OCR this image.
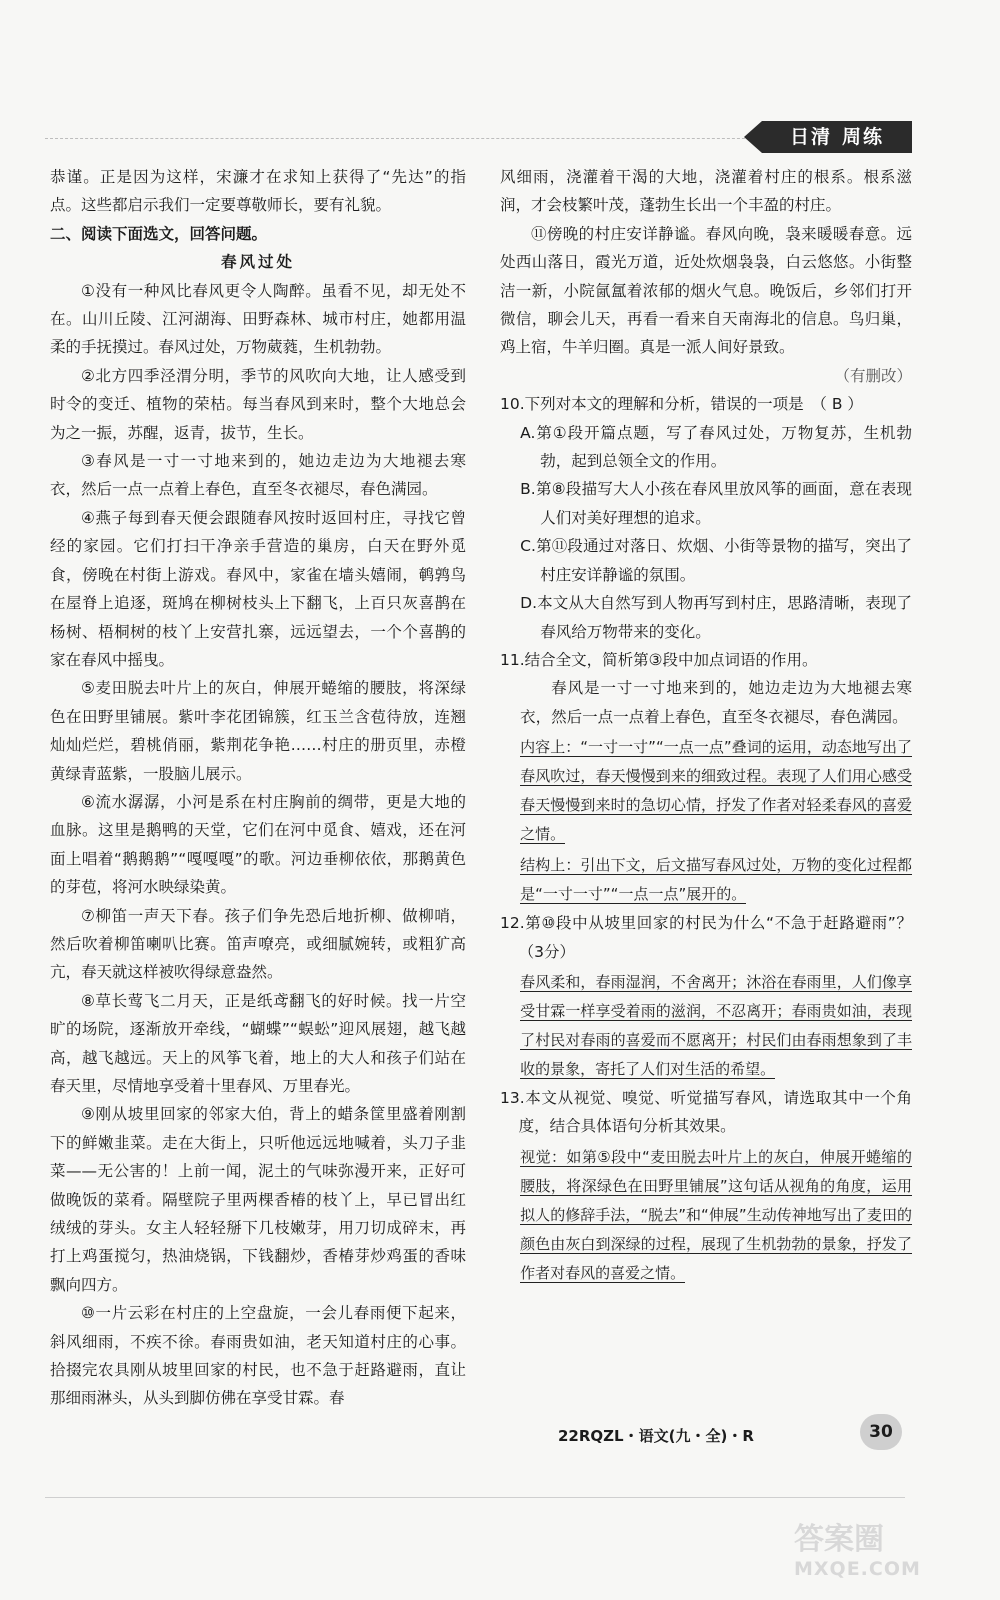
日清 周练

恭谨。正是因为这样，宋濂才在求知上获得了“先达”的指点。这些都启示我们一定要尊敬师长，要有礼貌。

二、阅读下面选文，回答问题。

春风过处

①没有一种风比春风更令人陶醉。虽看不见，却无处不在。山川丘陵、江河湖海、田野森林、城市村庄，她都用温柔的手抚摸过。春风过处，万物葳蕤，生机勃勃。

②北方四季泾渭分明，季节的风吹向大地，让人感受到时令的变迁、植物的荣枯。每当春风到来时，整个大地总会为之一振，苏醒，返青，拔节，生长。

③春风是一寸一寸地来到的，她边走边为大地褪去寒衣，然后一点一点着上春色，直至冬衣褪尽，春色满园。

④燕子每到春天便会跟随春风按时返回村庄，寻找它曾经的家园。它们打扫干净亲手营造的巢房，白天在野外觅食，傍晚在村街上游戏。春风中，家雀在墙头嬉闹，鹌鹑鸟在屋脊上追逐，斑鸠在柳树枝头上下翻飞，上百只灰喜鹊在杨树、梧桐树的枝丫上安营扎寨，远远望去，一个个喜鹊的家在春风中摇曳。

⑤麦田脱去叶片上的灰白，伸展开蜷缩的腰肢，将深绿色在田野里铺展。紫叶李花团锦簇，红玉兰含苞待放，连翘灿灿烂烂，碧桃俏丽，紫荆花争艳……村庄的册页里，赤橙黄绿青蓝紫，一股脑儿展示。

⑥流水潺潺，小河是系在村庄胸前的绸带，更是大地的血脉。这里是鹅鸭的天堂，它们在河中觅食、嬉戏，还在河面上唱着“鹅鹅鹅”“嘎嘎嘎”的歌。河边垂柳依依，那鹅黄色的芽苞，将河水映绿染黄。

⑦柳笛一声天下春。孩子们争先恐后地折柳、做柳哨，然后吹着柳笛喇叭比赛。笛声嘹亮，或细腻婉转，或粗犷高亢，春天就这样被吹得绿意盎然。

⑧草长莺飞二月天，正是纸鸢翻飞的好时候。找一片空旷的场院，逐渐放开牵线，“蝴蝶”“蜈蚣”迎风展翅，越飞越高，越飞越远。天上的风筝飞着，地上的大人和孩子们站在春天里，尽情地享受着十里春风、万里春光。

⑨刚从坡里回家的邻家大伯，背上的蜡条筐里盛着刚割下的鲜嫩韭菜。走在大街上，只听他远远地喊着，头刀子韭菜——无公害的！上前一闻，泥土的气味弥漫开来，正好可做晚饭的菜肴。隔壁院子里两棵香椿的枝丫上，早已冒出红绒绒的芽头。女主人轻轻掰下几枝嫩芽，用刀切成碎末，再打上鸡蛋搅匀，热油烧锅，下钱翻炒，香椿芽炒鸡蛋的香味飘向四方。

⑩一片云彩在村庄的上空盘旋，一会儿春雨便下起来，斜风细雨，不疾不徐。春雨贵如油，老天知道村庄的心事。拾掇完农具刚从坡里回家的村民，也不急于赶路避雨，直让那细雨淋头，从头到脚仿佛在享受甘霖。春

风细雨，浇灌着干渴的大地，浇灌着村庄的根系。根系滋润，才会枝繁叶茂，蓬勃生长出一个丰盈的村庄。

⑪傍晚的村庄安详静谧。春风向晚，袅来暖暖春意。远处西山落日，霞光万道，近处炊烟袅袅，白云悠悠。小街整洁一新，小院氤氲着浓郁的烟火气息。晚饭后，乡邻们打开微信，聊会儿天，再看一看来自天南海北的信息。鸟归巢，鸡上宿，牛羊归圈。真是一派人间好景致。

（有删改）

10.下列对本文的理解和分析，错误的一项是　（ B ）

A.第①段开篇点题，写了春风过处，万物复苏，生机勃勃，起到总领全文的作用。

B.第⑧段描写大人小孩在春风里放风筝的画面，意在表现人们对美好理想的追求。

C.第⑪段通过对落日、炊烟、小街等景物的描写，突出了村庄安详静谧的氛围。

D.本文从大自然写到人物再写到村庄，思路清晰，表现了春风给万物带来的变化。

11.结合全文，简析第③段中加点词语的作用。

春风是一寸一寸地来到的，她边走边为大地褪去寒衣，然后一点一点着上春色，直至冬衣褪尽，春色满园。

内容上：“一寸一寸”“一点一点”叠词的运用，动态地写出了春风吹过，春天慢慢到来的细致过程。表现了人们用心感受春天慢慢到来时的急切心情，抒发了作者对轻柔春风的喜爱之情。

结构上：引出下文，后文描写春风过处，万物的变化过程都是“一寸一寸”“一点一点”展开的。

12.第⑩段中从坡里回家的村民为什么“不急于赶路避雨”？（3分）

春风柔和，春雨湿润，不舍离开；沐浴在春雨里，人们像享受甘霖一样享受着雨的滋润，不忍离开；春雨贵如油，表现了村民对春雨的喜爱而不愿离开；村民们由春雨想象到了丰收的景象，寄托了人们对生活的希望。

13.本文从视觉、嗅觉、听觉描写春风，请选取其中一个角度，结合具体语句分析其效果。

视觉：如第⑤段中“麦田脱去叶片上的灰白，伸展开蜷缩的腰肢，将深绿色在田野里铺展”这句话从视角的角度，运用拟人的修辞手法，“脱去”和“伸展”生动传神地写出了麦田的颜色由灰白到深绿的过程，展现了生机勃勃的景象，抒发了作者对春风的喜爱之情。

22RQZL・语文(九・全)・R	30
答案圈
MXQE.COM
